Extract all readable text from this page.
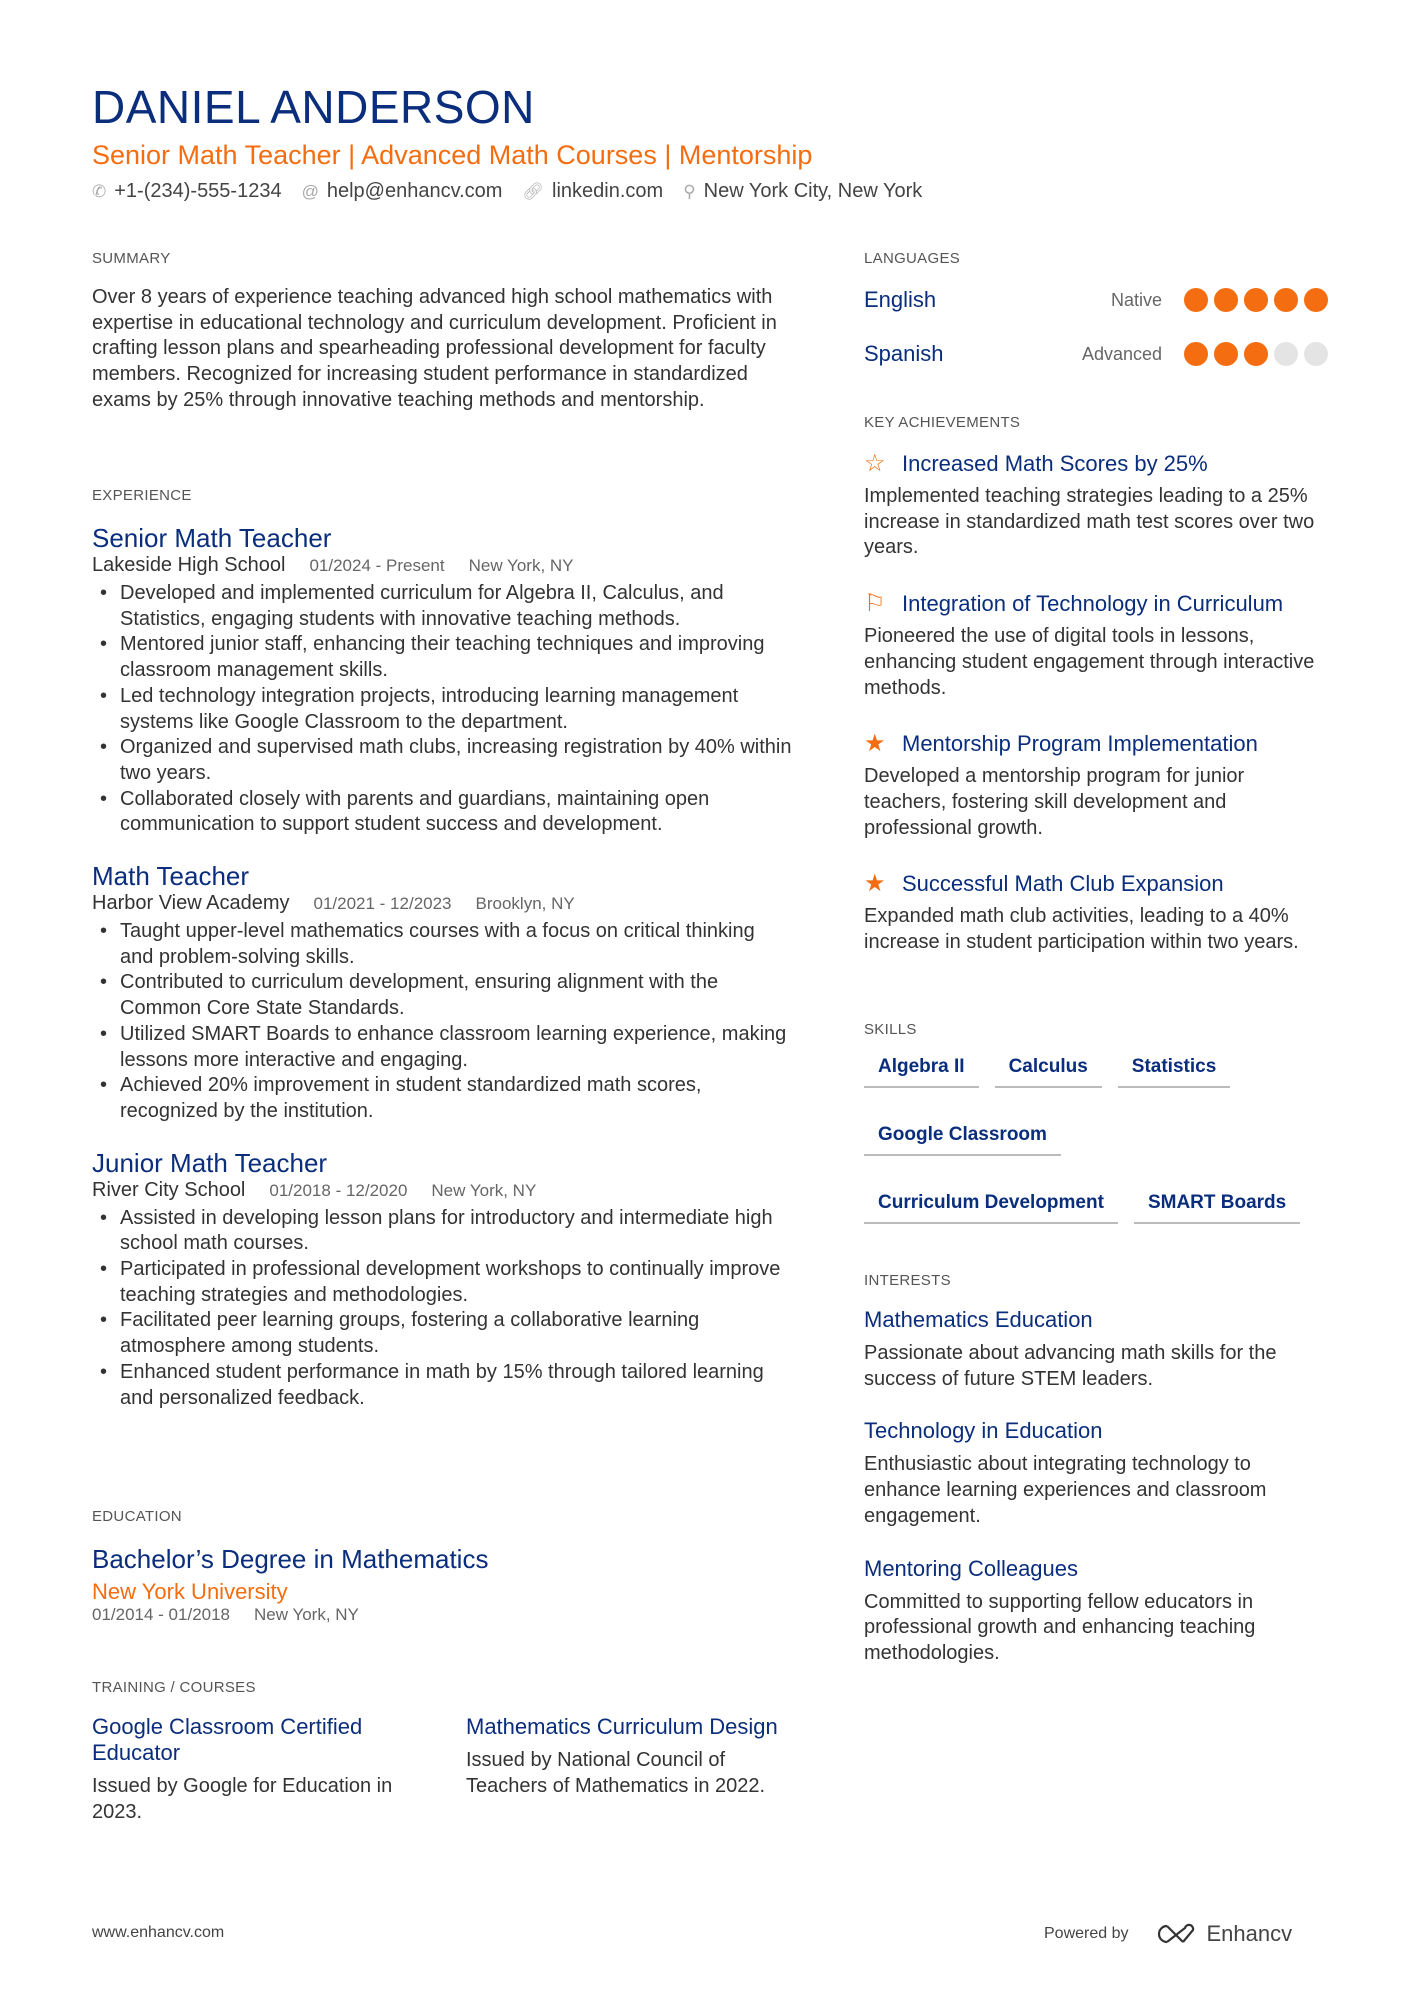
DANIEL ANDERSON
Senior Math Teacher | Advanced Math Courses | Mentorship
✆ +1-(234)-555-1234 @ help@enhancv.com 🔗︎ linkedin.com ⚲ New York City, New York
SUMMARY
Over 8 years of experience teaching advanced high school mathematics with expertise in educational technology and curriculum development. Proficient in crafting lesson plans and spearheading professional development for faculty members. Recognized for increasing student performance in standardized exams by 25% through innovative teaching methods and mentorship.
EXPERIENCE
Senior Math Teacher
Lakeside High School 01/2024 - Present New York, NY
• Developed and implemented curriculum for Algebra II, Calculus, and Statistics, engaging students with innovative teaching methods.
• Mentored junior staff, enhancing their teaching techniques and improving classroom management skills.
• Led technology integration projects, introducing learning management systems like Google Classroom to the department.
• Organized and supervised math clubs, increasing registration by 40% within two years.
• Collaborated closely with parents and guardians, maintaining open communication to support student success and development.
Math Teacher
Harbor View Academy 01/2021 - 12/2023 Brooklyn, NY
• Taught upper-level mathematics courses with a focus on critical thinking and problem-solving skills.
• Contributed to curriculum development, ensuring alignment with the Common Core State Standards.
• Utilized SMART Boards to enhance classroom learning experience, making lessons more interactive and engaging.
• Achieved 20% improvement in student standardized math scores, recognized by the institution.
Junior Math Teacher
River City School 01/2018 - 12/2020 New York, NY
• Assisted in developing lesson plans for introductory and intermediate high school math courses.
• Participated in professional development workshops to continually improve teaching strategies and methodologies.
• Facilitated peer learning groups, fostering a collaborative learning atmosphere among students.
• Enhanced student performance in math by 15% through tailored learning and personalized feedback.
EDUCATION
Bachelor’s Degree in Mathematics
New York University
01/2014 - 01/2018 New York, NY
TRAINING / COURSES
Google Classroom Certified Educator
Issued by Google for Education in 2023.
Mathematics Curriculum Design
Issued by National Council of Teachers of Mathematics in 2022.
LANGUAGES
English	Native
Spanish	Advanced
KEY ACHIEVEMENTS
☆ Increased Math Scores by 25%
Implemented teaching strategies leading to a 25% increase in standardized math test scores over two years.
⚐ Integration of Technology in Curriculum
Pioneered the use of digital tools in lessons, enhancing student engagement through interactive methods.
★ Mentorship Program Implementation
Developed a mentorship program for junior teachers, fostering skill development and professional growth.
★ Successful Math Club Expansion
Expanded math club activities, leading to a 40% increase in student participation within two years.
SKILLS
Algebra II	Calculus	Statistics
Google Classroom
Curriculum Development	SMART Boards
INTERESTS
Mathematics Education
Passionate about advancing math skills for the success of future STEM leaders.
Technology in Education
Enthusiastic about integrating technology to enhance learning experiences and classroom engagement.
Mentoring Colleagues
Committed to supporting fellow educators in professional growth and enhancing teaching methodologies.
www.enhancv.com	Powered by	Enhancv
